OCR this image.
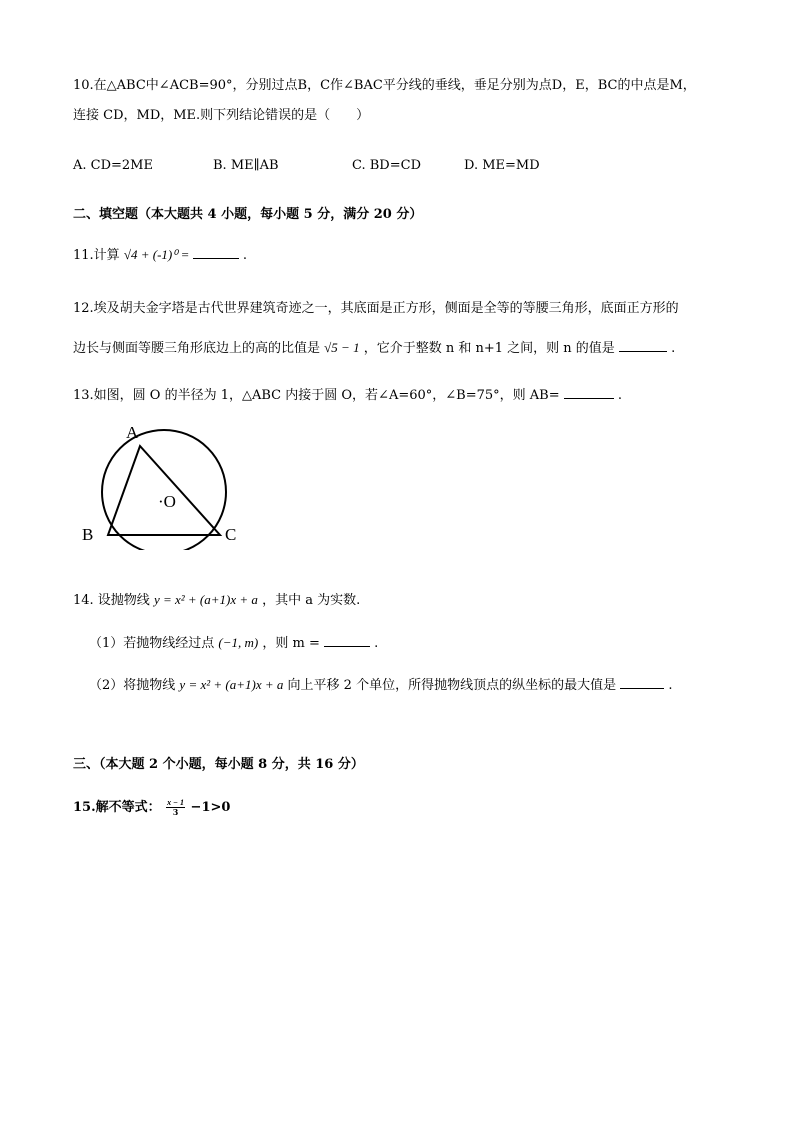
10.在△ABC中∠ACB=90°，分别过点B，C作∠BAC平分线的垂线，垂足分别为点D，E，BC的中点是M，
连接 CD，MD，ME.则下列结论错误的是（　　）
A. CD=2ME	B. ME∥AB	C. BD=CD	D. ME=MD
二、填空题（本大题共 4 小题，每小题 5 分，满分 20 分）
11.计算 √4 + (-1)⁰ =	.
12.埃及胡夫金字塔是古代世界建筑奇迹之一，其底面是正方形，侧面是全等的等腰三角形，底面正方形的
边长与侧面等腰三角形底边上的高的比值是 √5 − 1 ，它介于整数 n 和 n+1 之间，则 n 的值是	.
13.如图，圆 O 的半径为 1，△ABC 内接于圆 O，若∠A=60°，∠B=75°，则 AB=	.
A
B	C
·O
14. 设抛物线 y = x² + (a+1)x + a ，其中 a 为实数.
（1）若抛物线经过点 (−1, m) ，则 m =	.
（2）将抛物线 y = x² + (a+1)x + a 向上平移 2 个单位，所得抛物线顶点的纵坐标的最大值是	.
三、（本大题 2 个小题，每小题 8 分，共 16 分）
15.解不等式： $\frac{x - 1}{3} -1>0$
